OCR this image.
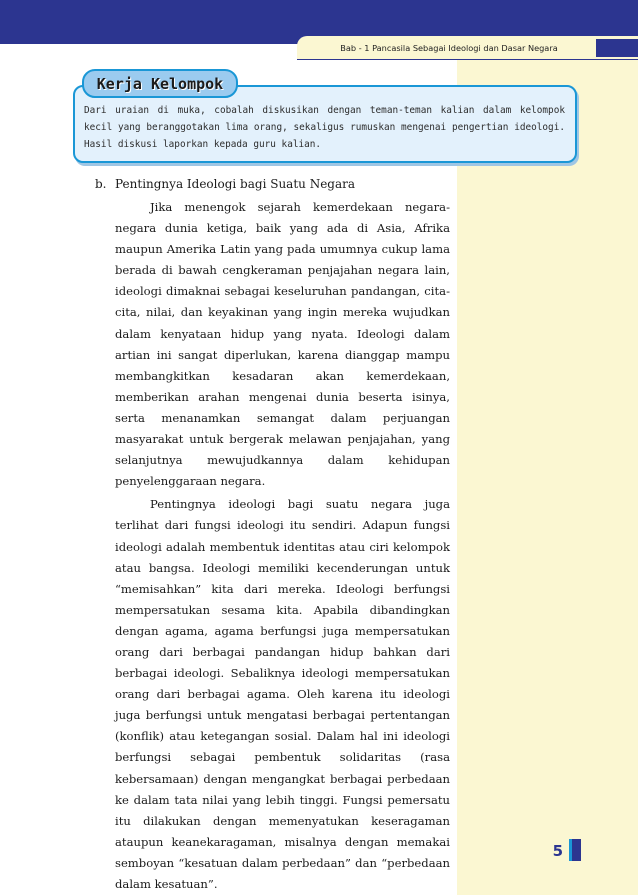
Bab - 1 Pancasila Sebagai Ideologi dan Dasar Negara
Kerja Kelompok

Dari uraian di muka, cobalah diskusikan dengan teman-teman kalian dalam kelompok kecil yang beranggotakan lima orang, sekaligus rumuskan mengenai pengertian ideologi. Hasil diskusi laporkan kepada guru kalian.

b. Pentingnya Ideologi bagi Suatu Negara

Jika menengok sejarah kemerdekaan negara-negara dunia ketiga, baik yang ada di Asia, Afrika maupun Amerika Latin yang pada umumnya cukup lama berada di bawah cengkeraman penjajahan negara lain, ideologi dimaknai sebagai keseluruhan pandangan, cita-cita, nilai, dan keyakinan yang ingin mereka wujudkan dalam kenyataan hidup yang nyata. Ideologi dalam artian ini sangat diperlukan, karena dianggap mampu membangkitkan kesadaran akan kemerdekaan, memberikan arahan mengenai dunia beserta isinya, serta menanamkan semangat dalam perjuangan masyarakat untuk bergerak melawan penjajahan, yang selanjutnya mewujudkannya dalam kehidupan penyelenggaraan negara.

Pentingnya ideologi bagi suatu negara juga terlihat dari fungsi ideologi itu sendiri. Adapun fungsi ideologi adalah membentuk identitas atau ciri kelompok atau bangsa. Ideologi memiliki kecenderungan untuk “memisahkan” kita dari mereka. Ideologi berfungsi mempersatukan sesama kita. Apabila dibandingkan dengan agama, agama berfungsi juga mempersatukan orang dari berbagai pandangan hidup bahkan dari berbagai ideologi. Sebaliknya ideologi mempersatukan orang dari berbagai agama. Oleh karena itu ideologi juga berfungsi untuk mengatasi berbagai pertentangan (konflik) atau ketegangan sosial. Dalam hal ini ideologi berfungsi sebagai pembentuk solidaritas (rasa kebersamaan) dengan mengangkat berbagai perbedaan ke dalam tata nilai yang lebih tinggi. Fungsi pemersatu itu dilakukan dengan memenyatukan keseragaman ataupun keanekaragaman, misalnya dengan memakai semboyan “kesatuan dalam perbedaan” dan “perbedaan dalam kesatuan”.

5
